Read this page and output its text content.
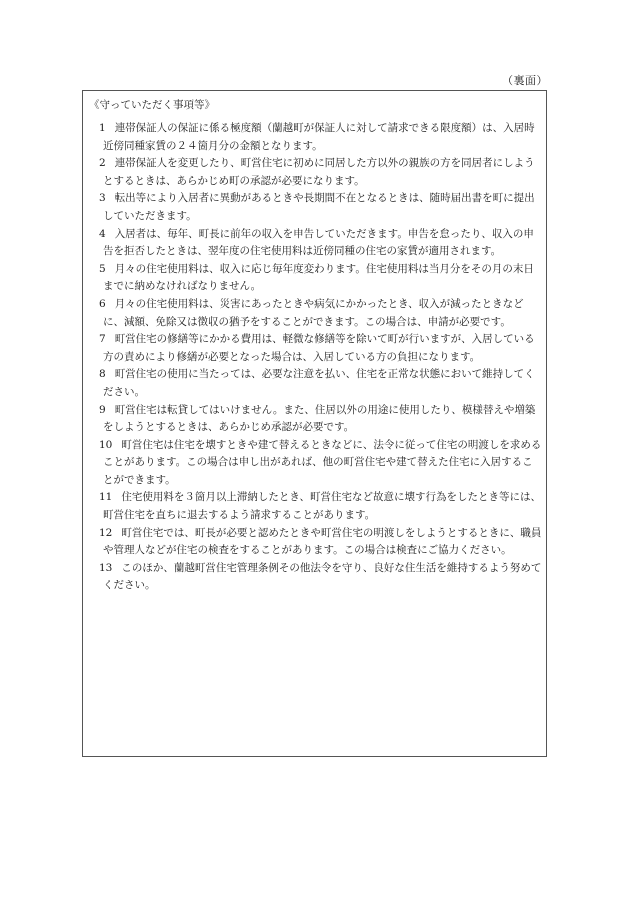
（裏面）

《守っていただく事項等》

1 連帯保証人の保証に係る極度額（蘭越町が保証人に対して請求できる限度額）は、入居時近傍同種家賃の２４箇月分の金額となります。

2 連帯保証人を変更したり、町営住宅に初めに同居した方以外の親族の方を同居者にしようとするときは、あらかじめ町の承認が必要になります。

3 転出等により入居者に異動があるときや長期間不在となるときは、随時届出書を町に提出していただきます。

4 入居者は、毎年、町長に前年の収入を申告していただきます。申告を怠ったり、収入の申告を拒否したときは、翌年度の住宅使用料は近傍同種の住宅の家賃が適用されます。

5 月々の住宅使用料は、収入に応じ毎年度変わります。住宅使用料は当月分をその月の末日までに納めなければなりません。

6 月々の住宅使用料は、災害にあったときや病気にかかったとき、収入が減ったときなどに、減額、免除又は徴収の猶予をすることができます。この場合は、申請が必要です。

7 町営住宅の修繕等にかかる費用は、軽微な修繕等を除いて町が行いますが、入居している方の責めにより修繕が必要となった場合は、入居している方の負担になります。

8 町営住宅の使用に当たっては、必要な注意を払い、住宅を正常な状態において維持してください。

9 町営住宅は転貸してはいけません。また、住居以外の用途に使用したり、模様替えや増築をしようとするときは、あらかじめ承認が必要です。

10 町営住宅は住宅を壊すときや建て替えるときなどに、法令に従って住宅の明渡しを求めることがあります。この場合は申し出があれば、他の町営住宅や建て替えた住宅に入居することができます。

11 住宅使用料を３箇月以上滞納したとき、町営住宅など故意に壊す行為をしたとき等には、町営住宅を直ちに退去するよう請求することがあります。

12 町営住宅では、町長が必要と認めたときや町営住宅の明渡しをしようとするときに、職員や管理人などが住宅の検査をすることがあります。この場合は検査にご協力ください。

13 このほか、蘭越町営住宅管理条例その他法令を守り、良好な住生活を維持するよう努めてください。
